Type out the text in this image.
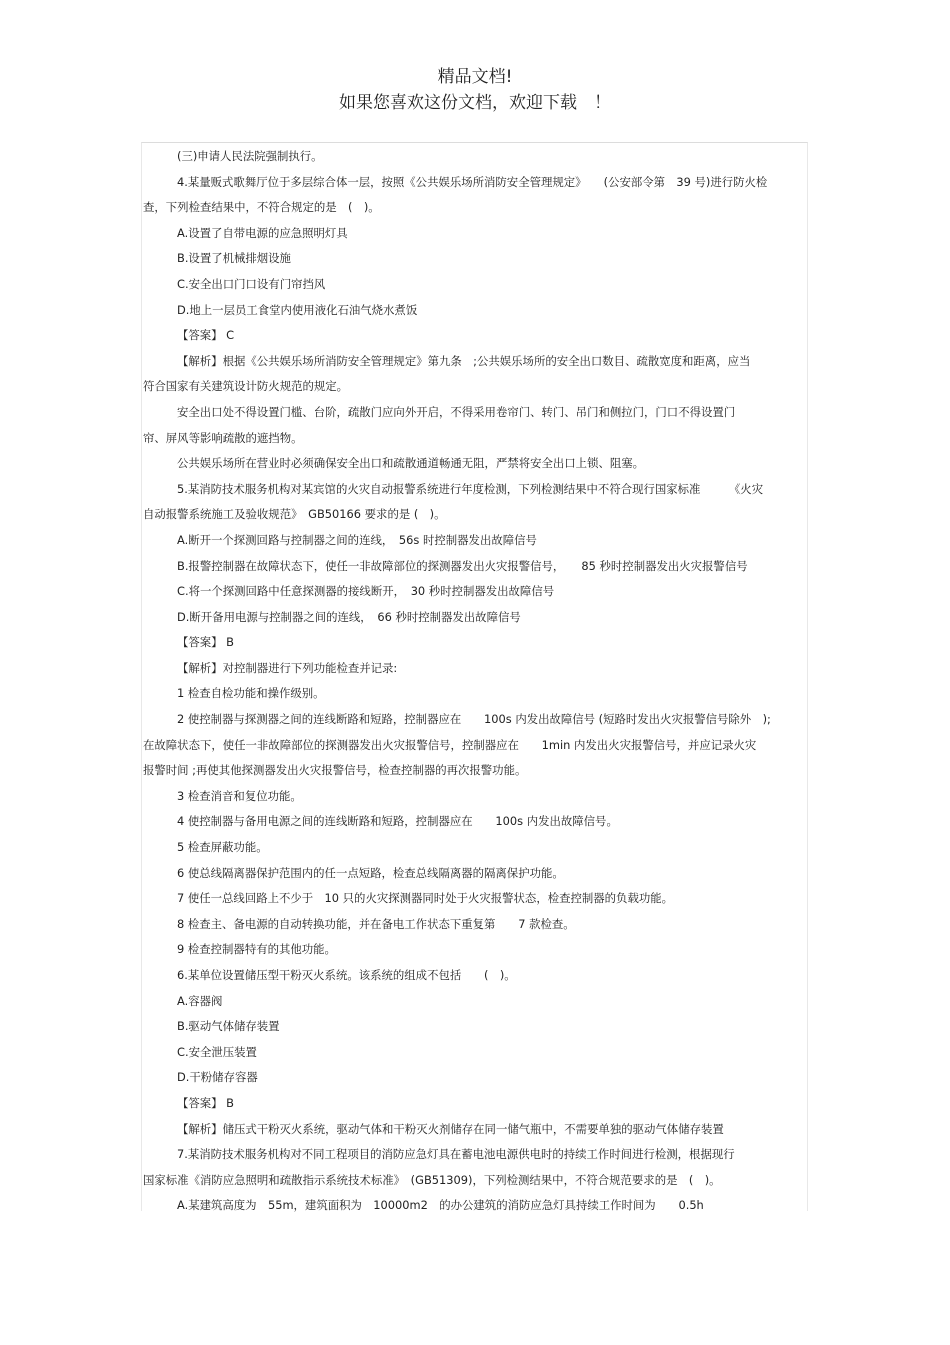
精品文档!
如果您喜欢这份文档，欢迎下载　！

(三)申请人民法院强制执行。

4.某量贩式歌舞厅位于多层综合体一层，按照《公共娱乐场所消防安全管理规定》　　(公安部令第　39 号)进行防火检

查，下列检查结果中，不符合规定的是　(　)。

A.设置了自带电源的应急照明灯具

B.设置了机械排烟设施

C.安全出口门口设有门帘挡风

D.地上一层员工食堂内使用液化石油气烧水煮饭

【答案】 C

【解析】根据《公共娱乐场所消防安全管理规定》第九条　;公共娱乐场所的安全出口数目、疏散宽度和距离，应当

符合国家有关建筑设计防火规范的规定。

安全出口处不得设置门槛、台阶，疏散门应向外开启，不得采用卷帘门、转门、吊门和侧拉门，门口不得设置门

帘、屏风等影响疏散的遮挡物。

公共娱乐场所在营业时必须确保安全出口和疏散通道畅通无阻，严禁将安全出口上锁、阻塞。

5.某消防技术服务机构对某宾馆的火灾自动报警系统进行年度检测，下列检测结果中不符合现行国家标准　　　《火灾

自动报警系统施工及验收规范》　GB50166 要求的是 (　)。

A.断开一个探测回路与控制器之间的连线，　56s 时控制器发出故障信号

B.报警控制器在故障状态下，使任一非故障部位的探测器发出火灾报警信号，　　85 秒时控制器发出火灾报警信号

C.将一个探测回路中任意探测器的接线断开，　30 秒时控制器发出故障信号

D.断开备用电源与控制器之间的连线，　66 秒时控制器发出故障信号

【答案】 B

【解析】对控制器进行下列功能检查并记录:

1 检查自检功能和操作级别。

2 使控制器与探测器之间的连线断路和短路，控制器应在　　100s 内发出故障信号 (短路时发出火灾报警信号除外　);

在故障状态下，使任一非故障部位的探测器发出火灾报警信号，控制器应在　　1min 内发出火灾报警信号，并应记录火灾

报警时间 ;再使其他探测器发出火灾报警信号，检查控制器的再次报警功能。

3 检查消音和复位功能。

4 使控制器与备用电源之间的连线断路和短路，控制器应在　　100s 内发出故障信号。

5 检查屏蔽功能。

6 使总线隔离器保护范围内的任一点短路，检查总线隔离器的隔离保护功能。

7 使任一总线回路上不少于　10 只的火灾探测器同时处于火灾报警状态，检查控制器的负载功能。

8 检查主、备电源的自动转换功能，并在备电工作状态下重复第　　7 款检查。

9 检查控制器特有的其他功能。

6.某单位设置储压型干粉灭火系统。该系统的组成不包括　　(　)。

A.容器阀

B.驱动气体储存装置

C.安全泄压装置

D.干粉储存容器

【答案】 B

【解析】储压式干粉灭火系统，驱动气体和干粉灭火剂储存在同一储气瓶中，不需要单独的驱动气体储存装置

7.某消防技术服务机构对不同工程项目的消防应急灯具在蓄电池电源供电时的持续工作时间进行检测，根据现行

国家标准《消防应急照明和疏散指示系统技术标准》　(GB51309)，下列检测结果中，不符合规范要求的是　(　)。

A.某建筑高度为　55m，建筑面积为　10000m2　的办公建筑的消防应急灯具持续工作时间为　　0.5h
